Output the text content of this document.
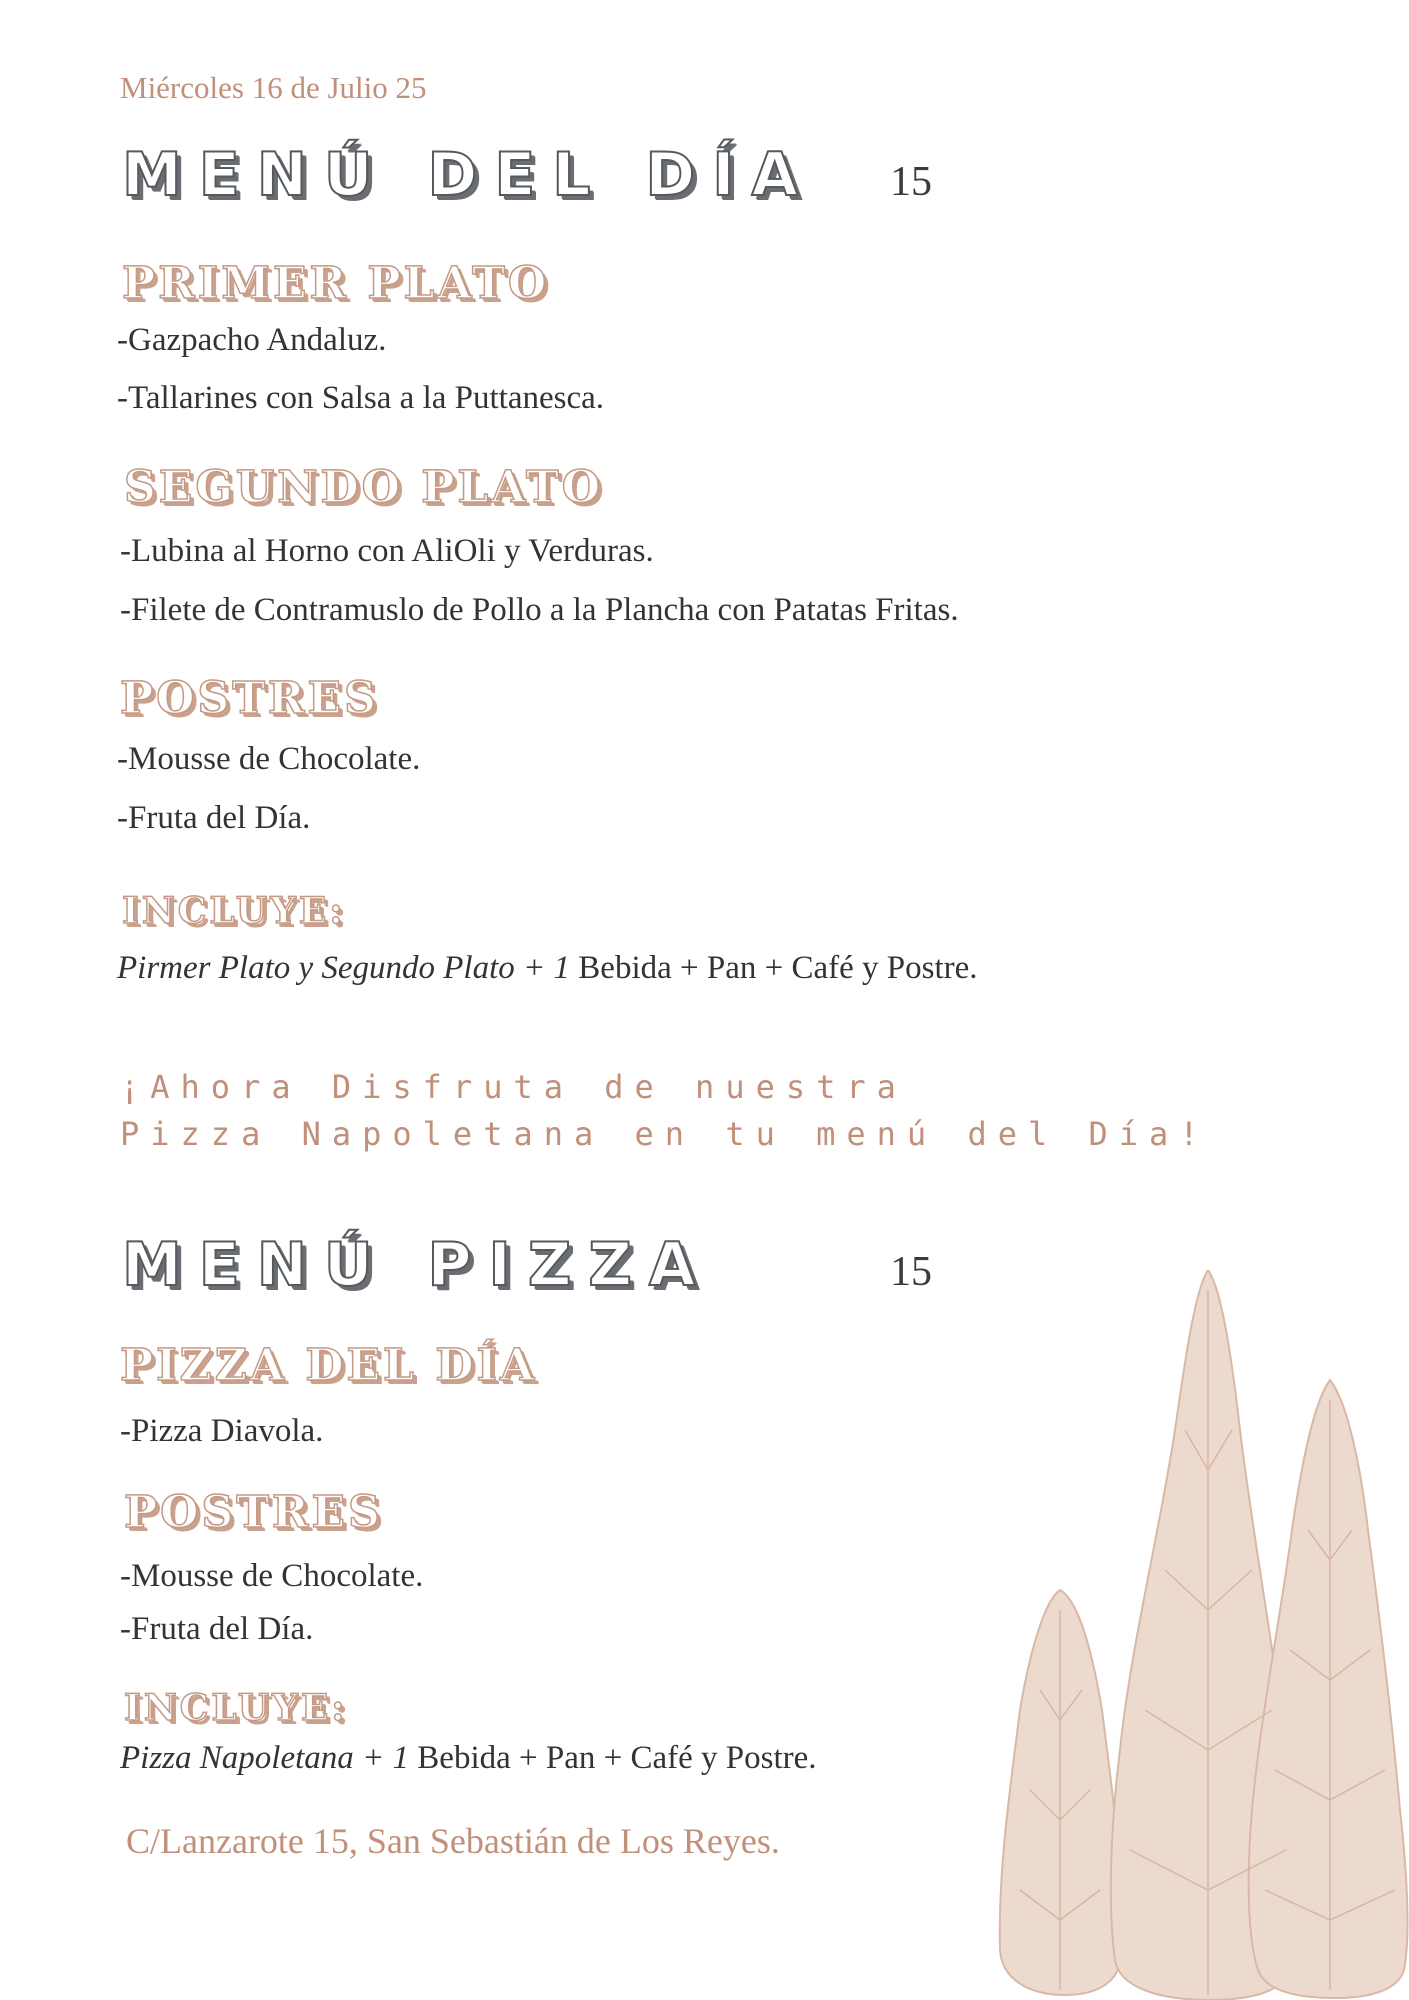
Miércoles 16 de Julio 25
MENÚ DEL DÍA 15
PRIMER PLATO
-Gazpacho Andaluz.
-Tallarines con Salsa a la Puttanesca.
SEGUNDO PLATO
-Lubina al Horno con AliOli y Verduras.
-Filete de Contramuslo de Pollo a la Plancha con Patatas Fritas.
POSTRES
-Mousse de Chocolate.
-Fruta del Día.
INCLUYE:
Pirmer Plato y Segundo Plato + 1 Bebida + Pan + Café y Postre.
¡Ahora Disfruta de nuestra
Pizza Napoletana en tu menú del Día!
MENÚ PIZZA	15
PIZZA DEL DÍA
-Pizza Diavola.
POSTRES
-Mousse de Chocolate.
-Fruta del Día.
INCLUYE:
Pizza Napoletana + 1 Bebida + Pan + Café y Postre.
C/Lanzarote 15, San Sebastián de Los Reyes.
